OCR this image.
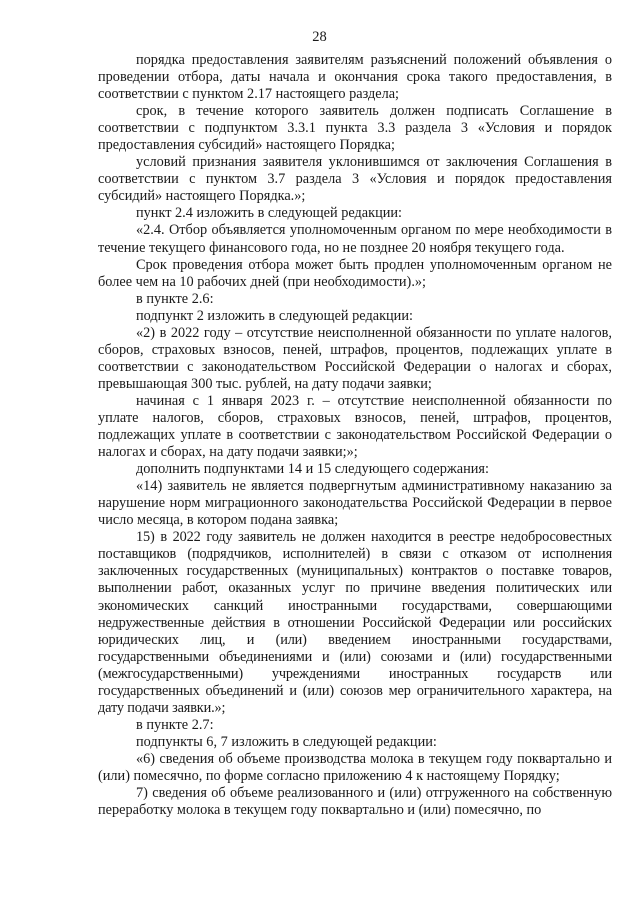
28

порядка предоставления заявителям разъяснений положений объявления о проведении отбора, даты начала и окончания срока такого предоставления, в соответствии с пунктом 2.17 настоящего раздела;

срок, в течение которого заявитель должен подписать Соглашение в соответствии с подпунктом 3.3.1 пункта 3.3 раздела 3 «Условия и порядок предоставления субсидий» настоящего Порядка;

условий признания заявителя уклонившимся от заключения Соглашения в соответствии с пунктом 3.7 раздела 3 «Условия и порядок предоставления субсидий» настоящего Порядка.»;

пункт 2.4 изложить в следующей редакции:

«2.4. Отбор объявляется уполномоченным органом по мере необходимости в течение текущего финансового года, но не позднее 20 ноября текущего года.

Срок проведения отбора может быть продлен уполномоченным органом не более чем на 10 рабочих дней (при необходимости).»;

в пункте 2.6:

подпункт 2 изложить в следующей редакции:

«2) в 2022 году – отсутствие неисполненной обязанности по уплате налогов, сборов, страховых взносов, пеней, штрафов, процентов, подлежащих уплате в соответствии с законодательством Российской Федерации о налогах и сборах, превышающая 300 тыс. рублей, на дату подачи заявки;

начиная с 1 января 2023 г. – отсутствие неисполненной обязанности по уплате налогов, сборов, страховых взносов, пеней, штрафов, процентов, подлежащих уплате в соответствии с законодательством Российской Федерации о налогах и сборах, на дату подачи заявки;»;

дополнить подпунктами 14 и 15 следующего содержания:

«14) заявитель не является подвергнутым административному наказанию за нарушение норм миграционного законодательства Российской Федерации в первое число месяца, в котором подана заявка;

15) в 2022 году заявитель не должен находится в реестре недобросовестных поставщиков (подрядчиков, исполнителей) в связи с отказом от исполнения заключенных государственных (муниципальных) контрактов о поставке товаров, выполнении работ, оказанных услуг по причине введения политических или экономических санкций иностранными государствами, совершающими недружественные действия в отношении Российской Федерации или российских юридических лиц, и (или) введением иностранными государствами, государственными объединениями и (или) союзами и (или) государственными (межгосударственными) учреждениями иностранных государств или государственных объединений и (или) союзов мер ограничительного характера, на дату подачи заявки.»;

в пункте 2.7:

подпункты 6, 7 изложить в следующей редакции:

«6) сведения об объеме производства молока в текущем году поквартально и (или) помесячно, по форме согласно приложению 4 к настоящему Порядку;

7) сведения об объеме реализованного и (или) отгруженного на собственную переработку молока в текущем году поквартально и (или) помесячно, по
